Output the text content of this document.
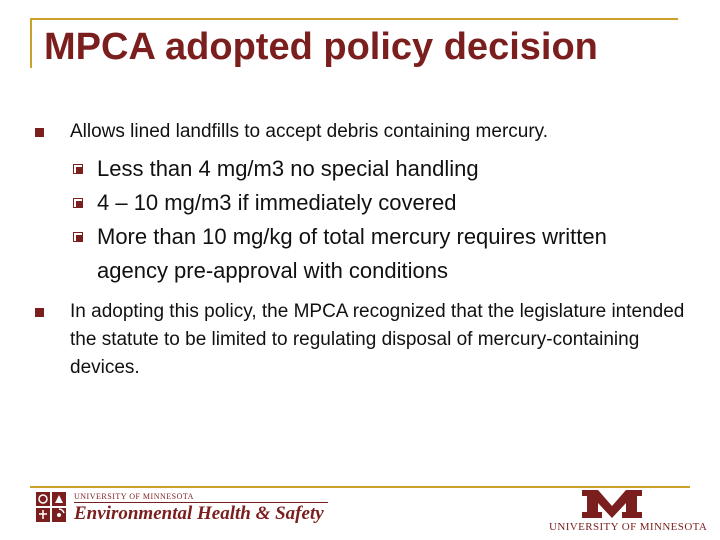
MPCA adopted policy decision
Allows lined landfills to accept debris containing mercury.
Less than 4 mg/m3 no special handling
4 – 10 mg/m3 if immediately covered
More than 10 mg/kg of total mercury requires written agency pre-approval with conditions
In adopting this policy, the MPCA recognized that the legislature intended the statute to be limited to regulating disposal of mercury-containing devices.
UNIVERSITY OF MINNESOTA
Environmental Health & Safety
UNIVERSITY OF MINNESOTA
